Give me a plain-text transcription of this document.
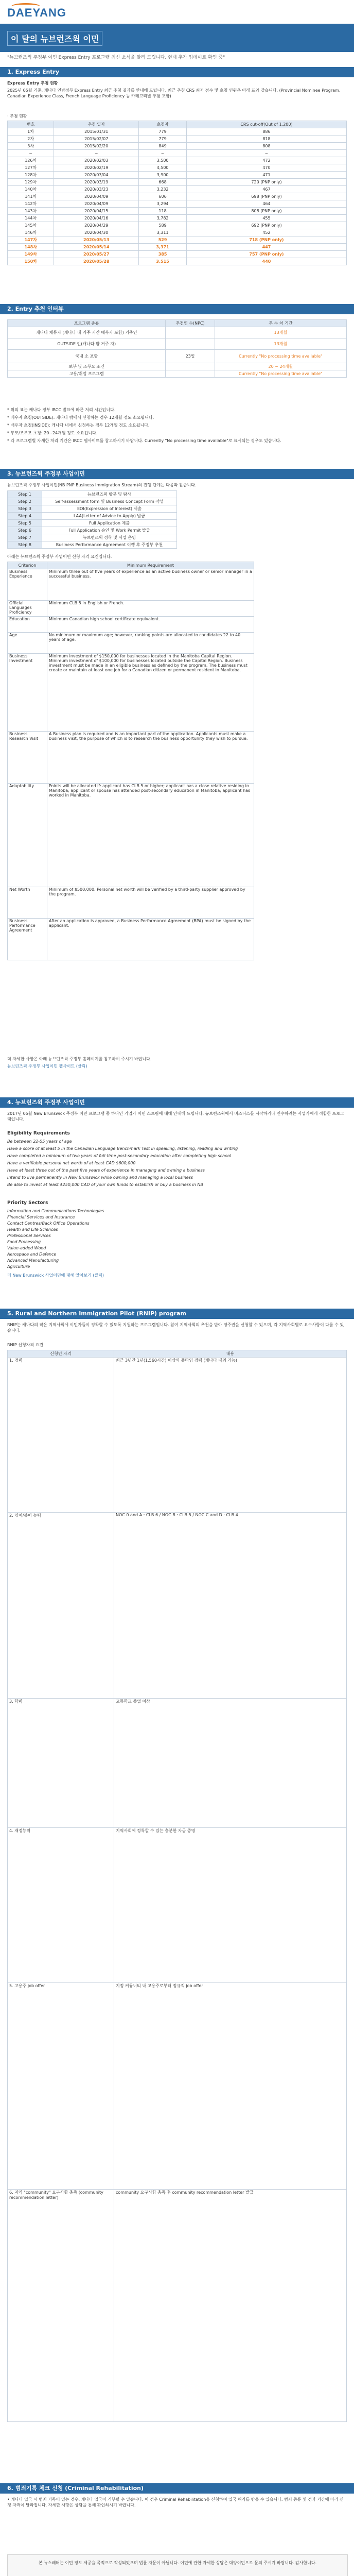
DAEYANG
이 달의 뉴브런즈윅 이민
"뉴브런즈윅 주정부 이민 Express Entry 프로그램 최신 소식을 알려 드립니다. 현재 추가 업데이트 확인 중"
1. Express Entry
Express Entry 추첨 현황
2025년 05월 기준, 캐나다 연방정부 Express Entry 최근 추첨 결과를 안내해 드립니다. 최근 추첨 CRS 최저 점수 및 초청 인원은 아래 표와 같습니다. (Provincial Nominee Program, Canadian Experience Class, French Language Proficiency 등 카테고리별 추첨 포함)
· 추첨 현황
번호	추첨 일자	초청자	CRS cut-off(Out of 1,200)
1차	2015/01/31	779	886
2차	2015/02/07	779	818
3차	2015/02/20	849	808
~	~	~	~
126차	2020/02/03	3,500	472
127차	2020/02/19	4,500	470
128차	2020/03/04	3,900	471
129차	2020/03/19	668	720 (PNP only)
140차	2020/03/23	3,232	467
141차	2020/04/09	606	698 (PNP only)
142차	2020/04/09	3,294	464
143차	2020/04/15	118	808 (PNP only)
144차	2020/04/16	3,782	455
145차	2020/04/29	589	692 (PNP only)
146차	2020/04/30	3,311	452
147차	2020/05/13	529	718 (PNP only)
148차	2020/05/14	3,371	447
149차	2020/05/27	385	757 (PNP only)
150차	2020/05/28	3,515	440
2. Entry 추천 인터뷰
프로그램 종류	추천인 수(NPC)	추 수 처 기간
캐나다 체류자 (캐나다 내 거주 기간 배우자 포함) 거주인		13개월
OUTSIDE 인(캐나다 밖 거주 자)		13개월
국내 소 포함	23일	Currently "No processing time available"
보부 및 조부모 조건		20 ~ 24개월
고용/취업 프로그램		Currently "No processing time available"
* 위의 표는 캐나다 정부 IRCC 발표에 따른 처리 시간입니다.
* 배우자 초청(OUTSIDE): 캐나다 밖에서 신청하는 경우 12개월 정도 소요됩니다.
* 배우자 초청(INSIDE): 캐나다 내에서 신청하는 경우 12개월 정도 소요됩니다.
* 부모/조부모 초청: 20~24개월 정도 소요됩니다.
* 각 프로그램별 자세한 처리 기간은 IRCC 웹사이트를 참고하시기 바랍니다. Currently "No processing time available"로 표시되는 경우도 있습니다.
3. 뉴브런즈윅 주정부 사업이민
뉴브런즈윅 주정부 사업이민(NB PNP Business Immigration Stream)의 진행 단계는 다음과 같습니다.
Step 1	뉴브런즈윅 방문 및 탐사
Step 2	Self-assessment form 및 Business Concept Form 작성
Step 3	EOI(Expression of Interest) 제출
Step 4	LAA(Letter of Advice to Apply) 발급
Step 5	Full Application 제출
Step 6	Full Application 승인 및 Work Permit 발급
Step 7	뉴브런즈윅 정착 및 사업 운영
Step 8	Business Performance Agreement 이행 후 주정부 추천
아래는 뉴브런즈윅 주정부 사업이민 신청 자격 요건입니다.
Criterion	Minimum Requirement
Business Experience	Minimum three out of five years of experience as an active business owner or senior manager in a successful business.
Official Languages Proficiency	Minimum CLB 5 in English or French.
Education	Minimum Canadian high school certificate equivalent.
Age	No minimum or maximum age; however, ranking points are allocated to candidates 22 to 40 years of age.
Business Investment	Minimum investment of $150,000 for businesses located in the Manitoba Capital Region. Minimum investment of $100,000 for businesses located outside the Capital Region. Business investment must be made in an eligible business as defined by the program. The business must create or maintain at least one job for a Canadian citizen or permanent resident in Manitoba.
Business Research Visit	A Business plan is required and is an important part of the application. Applicants must make a business visit, the purpose of which is to research the business opportunity they wish to pursue.
Adaptability	Points will be allocated if: applicant has CLB 5 or higher; applicant has a close relative residing in Manitoba; applicant or spouse has attended post-secondary education in Manitoba; applicant has worked in Manitoba.
Net Worth	Minimum of $500,000. Personal net worth will be verified by a third-party supplier approved by the program.
Business Performance Agreement	After an application is approved, a Business Performance Agreement (BPA) must be signed by the applicant.
더 자세한 사항은 아래 뉴브런즈윅 주정부 홈페이지를 참고하여 주시기 바랍니다.
뉴브런즈윅 주정부 사업이민 웹사이트 (클릭)
4. 뉴브런즈윅 주정부 사업이민
2017년 05월 New Brunswick 주정부 이민 프로그램 중 하나인 기업가 이민 스트림에 대해 안내해 드립니다. 뉴브런즈윅에서 비즈니스를 시작하거나 인수하려는 사업가에게 적합한 프로그램입니다.
Eligibility Requirements
Be between 22-55 years of age
Have a score of at least 5 in the Canadian Language Benchmark Test in speaking, listening, reading and writing
Have completed a minimum of two years of full-time post-secondary education after completing high school
Have a verifiable personal net worth of at least CAD $600,000
Have at least three out of the past five years of experience in managing and owning a business
Intend to live permanently in New Brunswick while owning and managing a local business
Be able to invest at least $250,000 CAD of your own funds to establish or buy a business in NB
Priority Sectors
Information and Communications Technologies
Financial Services and Insurance
Contact Centres/Back Office Operations
Health and Life Sciences
Professional Services
Food Processing
Value-added Wood
Aerospace and Defence
Advanced Manufacturing
Agriculture
더 New Brunswick 사업이민에 대해 알아보기 (클릭)
5. Rural and Northern Immigration Pilot (RNIP) program
RNIP는 캐나다의 작은 지역사회에 이민자들이 정착할 수 있도록 지원하는 프로그램입니다. 참여 지역사회의 추천을 받아 영주권을 신청할 수 있으며, 각 지역사회별로 요구사항이 다를 수 있습니다.
RNIP 신청자격 요건
신청인 자격	내용
1. 경력	최근 3년간 1년(1,560시간) 이상의 풀타임 경력 (캐나다 내외 가능)
2. 영어/불어 능력	NOC 0 and A : CLB 6 / NOC B : CLB 5 / NOC C and D : CLB 4
3. 학력	고등학교 졸업 이상
4. 재정능력	지역사회에 정착할 수 있는 충분한 자금 증명
5. 고용주 job offer	지정 커뮤니티 내 고용주로부터 정규직 job offer
6. 지역 "community" 요구사항 충족 (community recommendation letter)	community 요구사항 충족 후 community recommendation letter 발급
6. 범죄기록 체크 신청 (Criminal Rehabilitation)
• 캐나다 입국 시 범죄 기록이 있는 경우, 캐나다 입국이 거부될 수 있습니다. 이 경우 Criminal Rehabilitation을 신청하여 입국 허가를 받을 수 있습니다. 범죄 종류 및 경과 기간에 따라 신청 자격이 달라집니다. 자세한 사항은 상담을 통해 확인하시기 바랍니다.
본 뉴스레터는 이민 정보 제공을 목적으로 작성되었으며 법률 자문이 아닙니다. 이민에 관한 자세한 상담은 대양이민으로 문의 주시기 바랍니다. 감사합니다.
